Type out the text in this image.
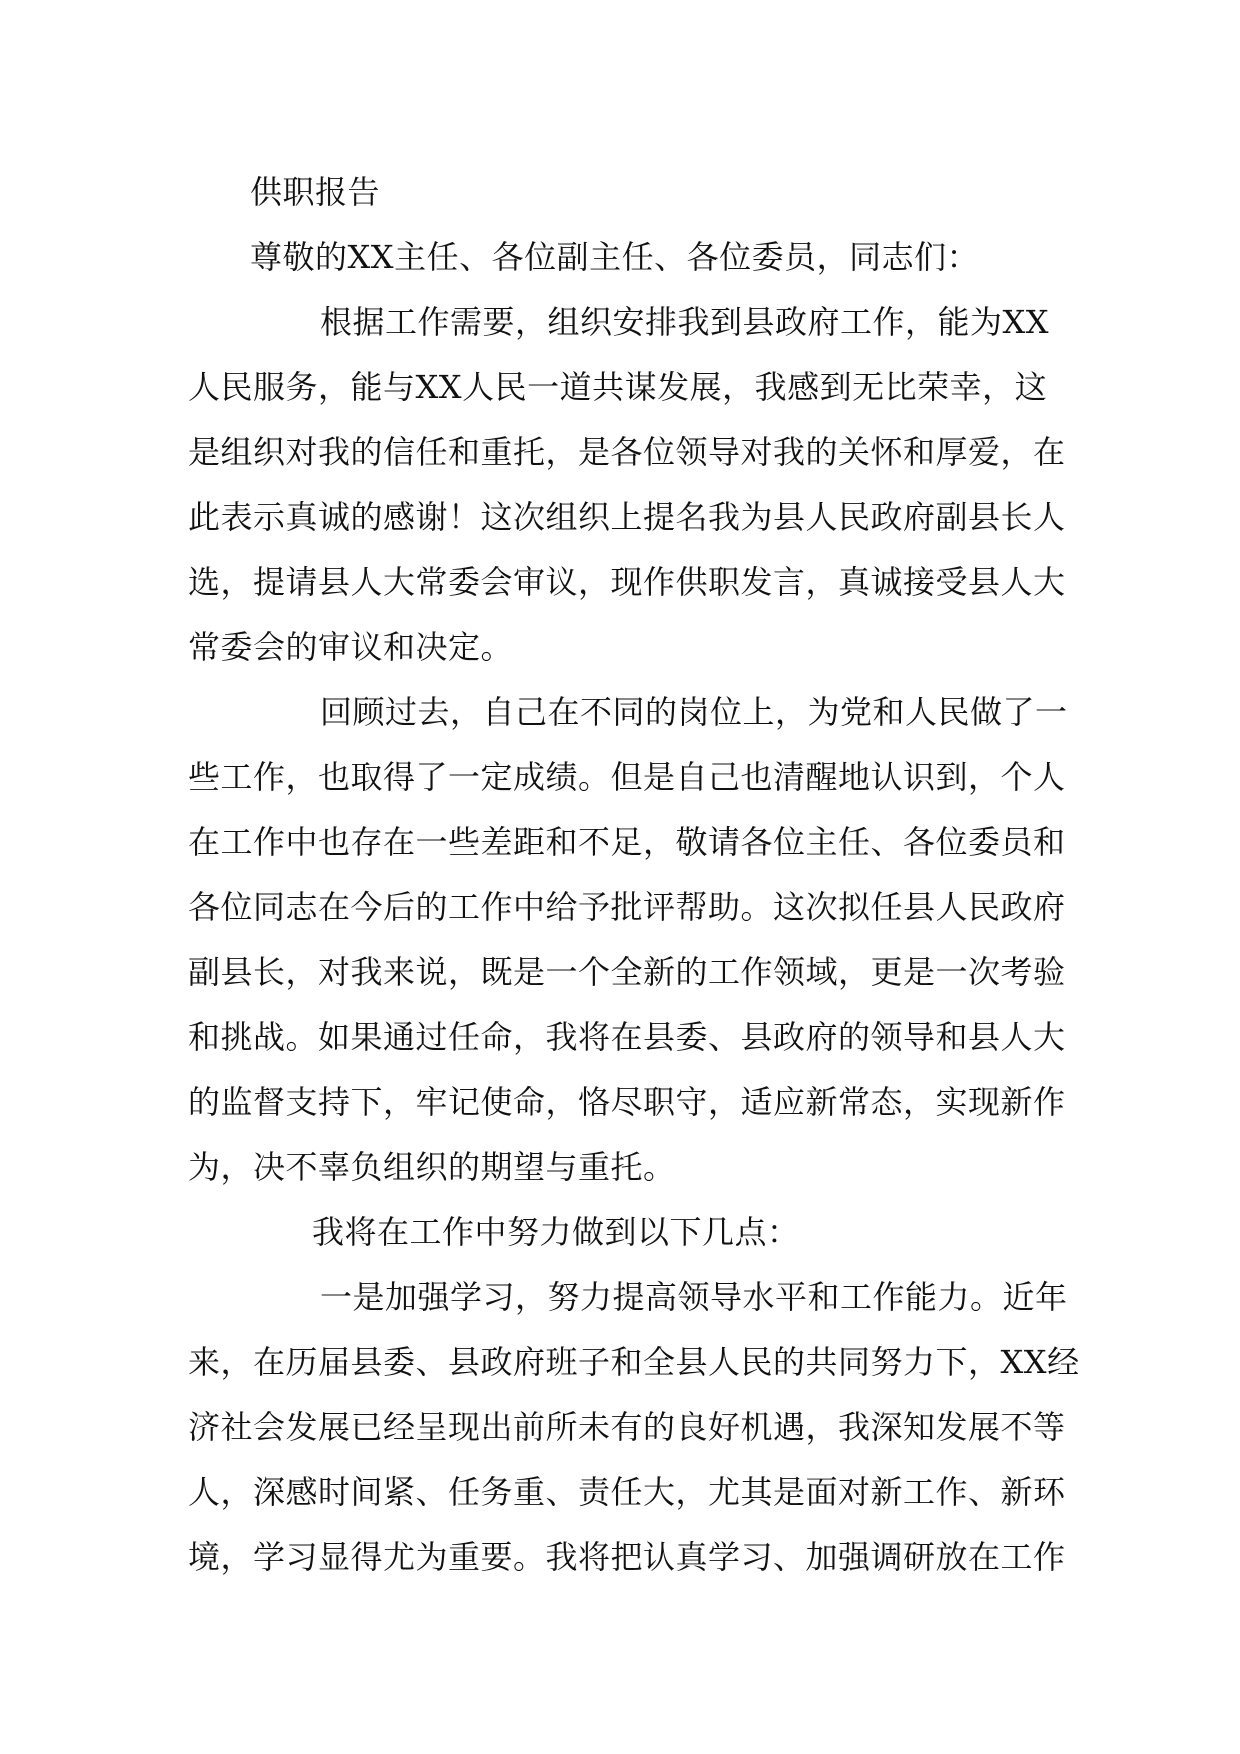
供职报告
尊敬的XX主任、各位副主任、各位委员，同志们：
根据工作需要，组织安排我到县政府工作，能为XX
人民服务，能与XX人民一道共谋发展，我感到无比荣幸，这
是组织对我的信任和重托，是各位领导对我的关怀和厚爱，在
此表示真诚的感谢！这次组织上提名我为县人民政府副县长人
选，提请县人大常委会审议，现作供职发言，真诚接受县人大
常委会的审议和决定。
回顾过去，自己在不同的岗位上，为党和人民做了一
些工作，也取得了一定成绩。但是自己也清醒地认识到，个人
在工作中也存在一些差距和不足，敬请各位主任、各位委员和
各位同志在今后的工作中给予批评帮助。这次拟任县人民政府
副县长，对我来说，既是一个全新的工作领域，更是一次考验
和挑战。如果通过任命，我将在县委、县政府的领导和县人大
的监督支持下，牢记使命，恪尽职守，适应新常态，实现新作
为，决不辜负组织的期望与重托。
我将在工作中努力做到以下几点：
一是加强学习，努力提高领导水平和工作能力。近年
来，在历届县委、县政府班子和全县人民的共同努力下，XX经
济社会发展已经呈现出前所未有的良好机遇，我深知发展不等
人，深感时间紧、任务重、责任大，尤其是面对新工作、新环
境，学习显得尤为重要。我将把认真学习、加强调研放在工作
